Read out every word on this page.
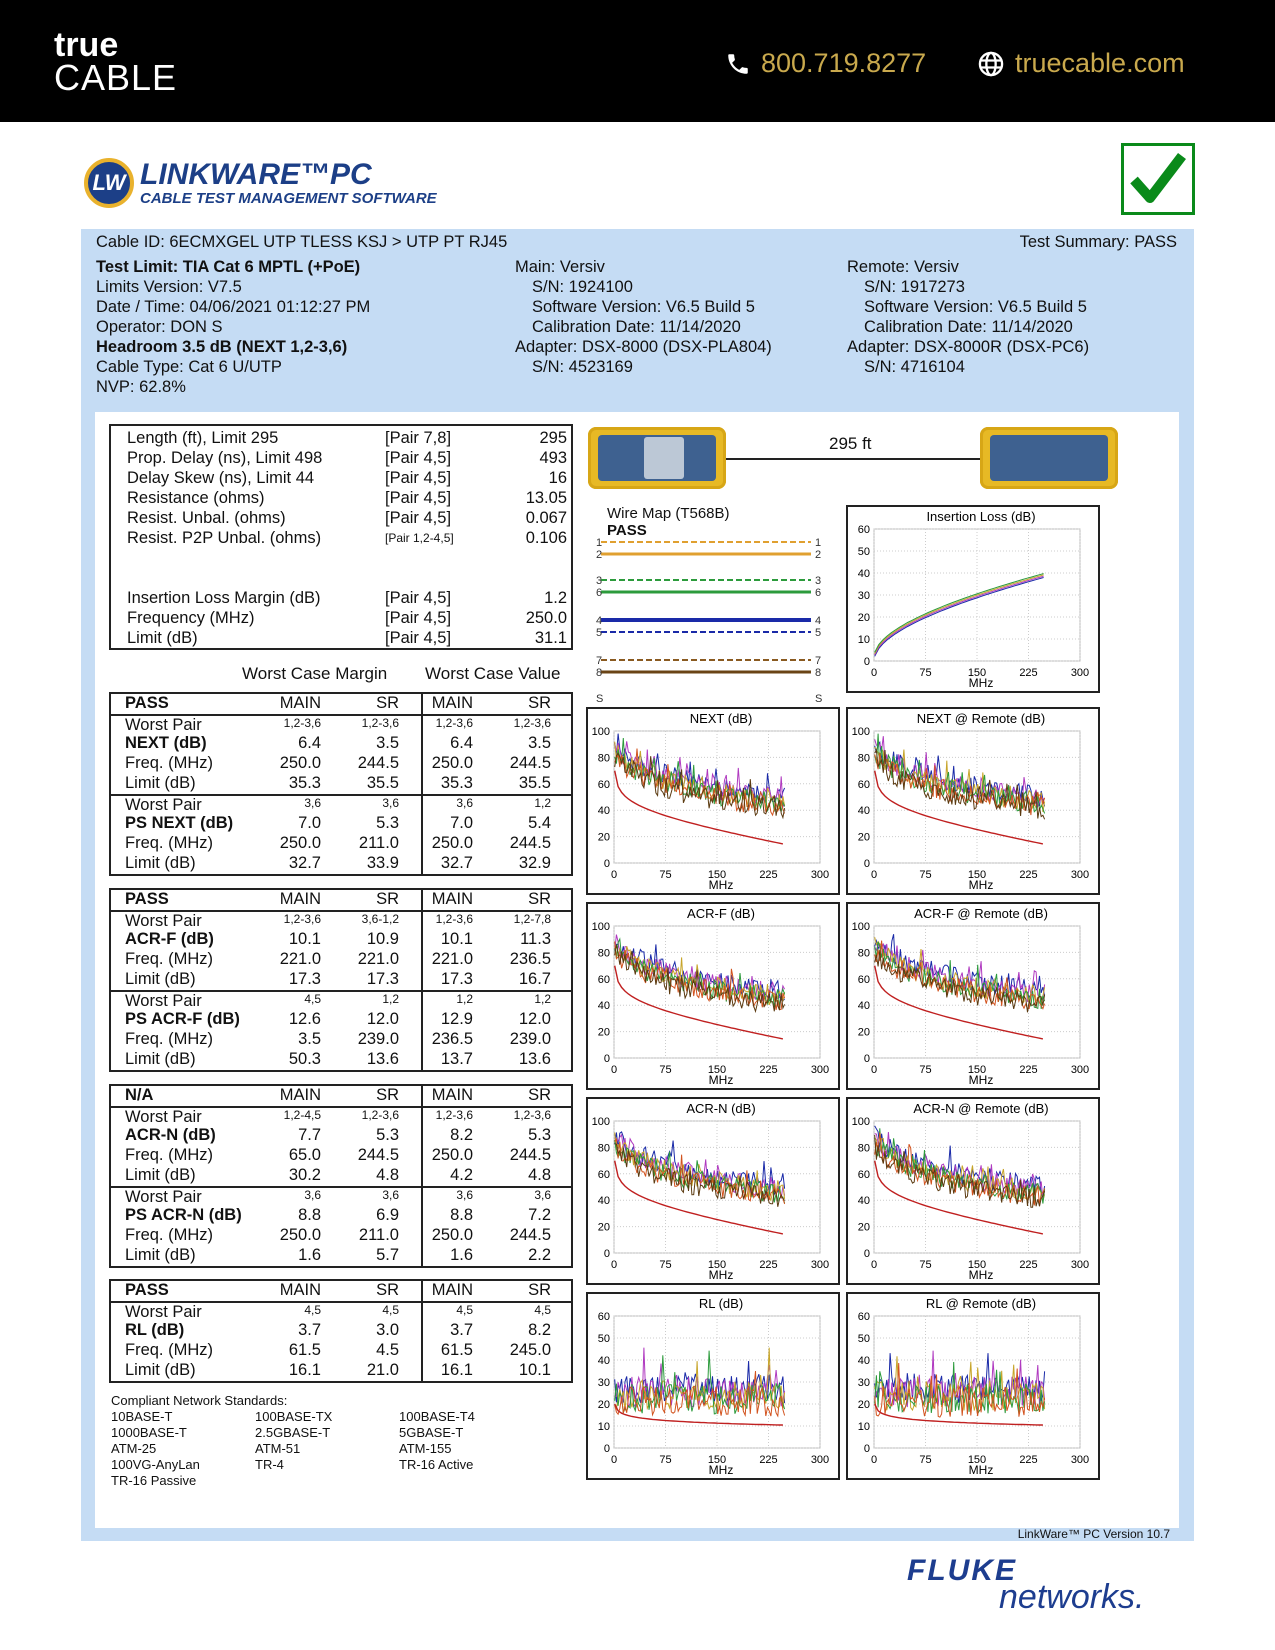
true
CABLE	800.719.8277	truecable.com
LW LINKWARE™PC
CABLE TEST MANAGEMENT SOFTWARE
Cable ID: 6ECMXGEL UTP TLESS KSJ > UTP PT RJ45	Test Summary: PASS
Test Limit: TIA Cat 6 MPTL (+PoE)
Limits Version: V7.5
Date / Time: 04/06/2021 01:12:27 PM
Operator: DON S
Headroom 3.5 dB (NEXT 1,2-3,6)
Cable Type: Cat 6 U/UTP
NVP: 62.8%
Main: Versiv
S/N: 1924100
Software Version: V6.5 Build 5
Calibration Date: 11/14/2020
Adapter: DSX-8000 (DSX-PLA804)
S/N: 4523169
Remote: Versiv
S/N: 1917273
Software Version: V6.5 Build 5
Calibration Date: 11/14/2020
Adapter: DSX-8000R (DSX-PC6)
S/N: 4716104
Length (ft), Limit 295	[Pair 7,8]	295
Prop. Delay (ns), Limit 498	[Pair 4,5]	493
Delay Skew (ns), Limit 44	[Pair 4,5]	16
Resistance (ohms)	[Pair 4,5]	13.05
Resist. Unbal. (ohms)	[Pair 4,5]	0.067
Resist. P2P Unbal. (ohms)	[Pair 1,2-4,5]	0.106
Insertion Loss Margin (dB)	[Pair 4,5]	1.2
Frequency (MHz)	[Pair 4,5]	250.0
Limit (dB)	[Pair 4,5]	31.1
Worst Case Margin Worst Case Value
PASS	MAIN	SR MAIN	SR
Worst Pair	1,2-3,6	1,2-3,6	1,2-3,6	1,2-3,6
NEXT (dB)	6.4	3.5	6.4	3.5
Freq. (MHz)	250.0 244.5 250.0 244.5
Limit (dB)	35.3	35.5	35.3	35.5
Worst Pair	3,6	3,6	3,6	1,2
PS NEXT (dB)	7.0	5.3	7.0	5.4
Freq. (MHz)	250.0 211.0 250.0 244.5
Limit (dB)	32.7	33.9	32.7	32.9
PASS	MAIN	SR MAIN	SR
Worst Pair	1,2-3,6	3,6-1,2	1,2-3,6	1,2-7,8
ACR-F (dB)	10.1	10.9	10.1	11.3
Freq. (MHz)	221.0 221.0 221.0 236.5
Limit (dB)	17.3	17.3	17.3	16.7
Worst Pair	4,5	1,2	1,2	1,2
PS ACR-F (dB)	12.6	12.0	12.9	12.0
Freq. (MHz)	3.5 239.0 236.5 239.0
Limit (dB)	50.3	13.6	13.7	13.6
N/A	MAIN	SR MAIN	SR
Worst Pair	1,2-4,5	1,2-3,6	1,2-3,6	1,2-3,6
ACR-N (dB)	7.7	5.3	8.2	5.3
Freq. (MHz)	65.0 244.5 250.0 244.5
Limit (dB)	30.2	4.8	4.2	4.8
Worst Pair	3,6	3,6	3,6	3,6
PS ACR-N (dB)	8.8	6.9	8.8	7.2
Freq. (MHz)	250.0 211.0 250.0 244.5
Limit (dB)	1.6	5.7	1.6	2.2
PASS	MAIN	SR MAIN	SR
Worst Pair	4,5	4,5	4,5	4,5
RL (dB)	3.7	3.0	3.7	8.2
Freq. (MHz)	61.5	4.5	61.5 245.0
Limit (dB)	16.1	21.0	16.1	10.1
Compliant Network Standards:
10BASE-T
1000BASE-T
ATM-25
100VG-AnyLan
TR-16 Passive
100BASE-TX
2.5GBASE-T
ATM-51
TR-4
100BASE-T4
5GBASE-T
ATM-155
TR-16 Active
295 ft
Wire Map (T568B)
PASS
1	1
2	2
3	3
6	6
4	4
5	5
7	7
8	8
S	S
Insertion Loss (dB)
0
10
20
30
40
50
60
0	75	150	225	300
MHz
NEXT (dB)
0
20
40
60
80
100
0	75	150	225	300
MHz
NEXT @ Remote (dB)
0
20
40
60
80
100
0	75	150	225	300
MHz
ACR-F (dB)
0
20
40
60
80
100
0	75	150	225	300
MHz
ACR-F @ Remote (dB)
0
20
40
60
80
100
0	75	150	225	300
MHz
ACR-N (dB)
0
20
40
60
80
100
0	75	150	225	300
MHz
ACR-N @ Remote (dB)
0
20
40
60
80
100
0	75	150	225	300
MHz
RL (dB)
0
10
20
30
40
50
60
0	75	150	225	300
MHz
RL @ Remote (dB)
0
10
20
30
40
50
60
0	75	150	225	300
MHz
LinkWare™ PC Version 10.7
FLUKE
networks.
